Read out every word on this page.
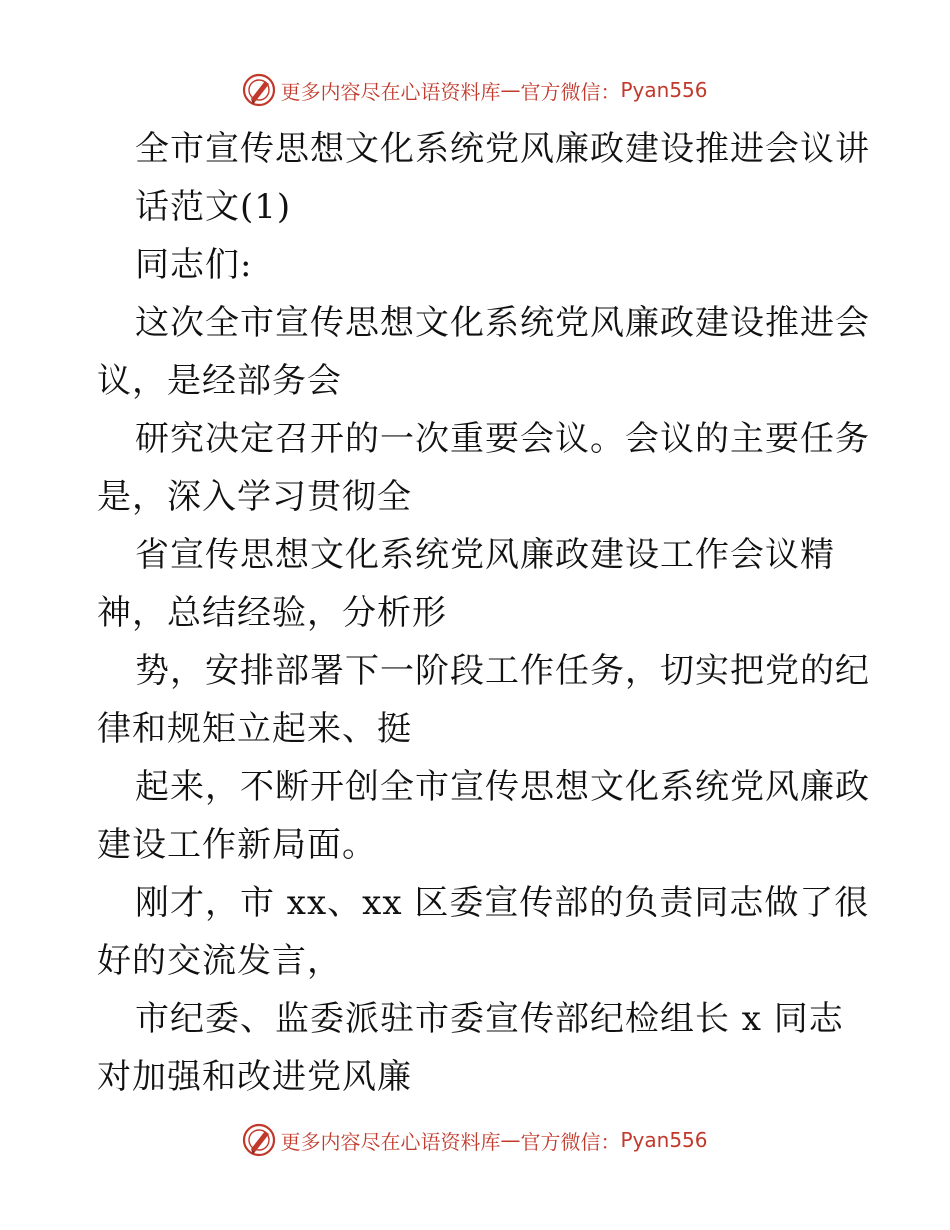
更多内容尽在心语资料库 — 官方微信： Pyan556
全市宣传思想文化系统党风廉政建设推进会议讲
话范文(1)
同志们:
这次全市宣传思想文化系统党风廉政建设推进会
议，是经部务会
研究决定召开的一次重要会议。会议的主要任务
是，深入学习贯彻全
省宣传思想文化系统党风廉政建设工作会议精
神，总结经验，分析形
势，安排部署下一阶段工作任务，切实把党的纪
律和规矩立起来、挺
起来，不断开创全市宣传思想文化系统党风廉政
建设工作新局面。
刚才，市 xx、xx 区委宣传部的负责同志做了很
好的交流发言，
市纪委、监委派驻市委宣传部纪检组长 x 同志
对加强和改进党风廉
更多内容尽在心语资料库 — 官方微信： Pyan556
